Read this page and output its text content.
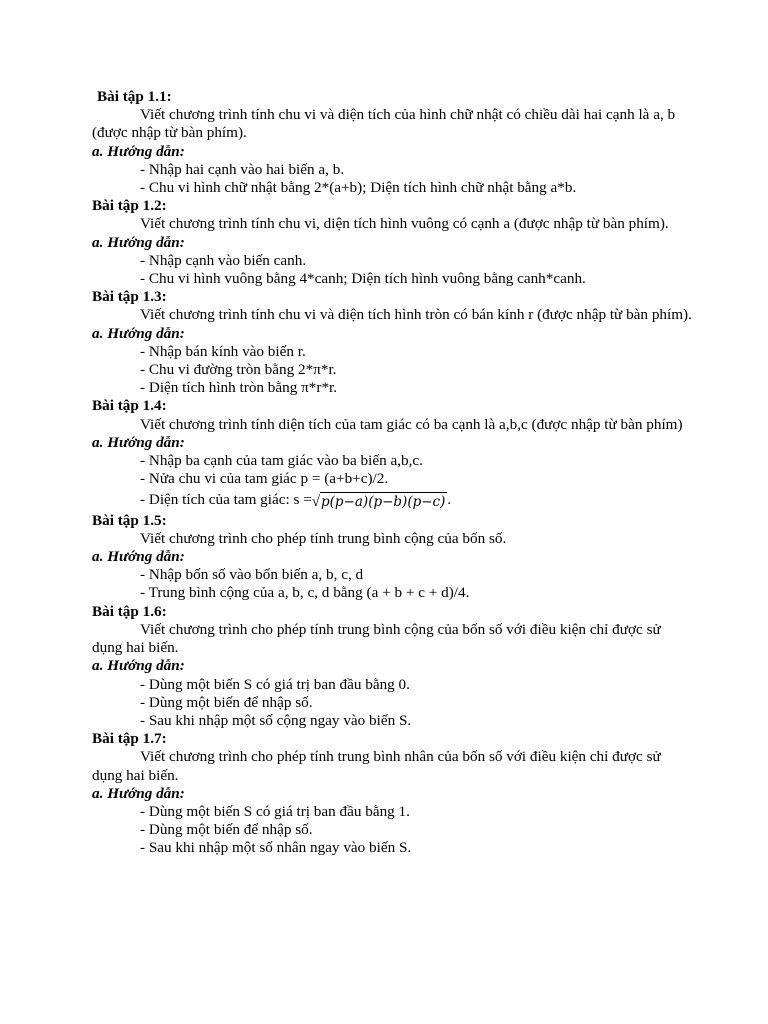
Bài tập 1.1:
Viết chương trình tính chu vi và diện tích của hình chữ nhật có chiều dài hai cạnh là a, b (được nhập từ bàn phím).
a. Hướng dẫn:
- Nhập hai cạnh vào hai biến a, b.
- Chu vi hình chữ nhật bằng 2*(a+b); Diện tích hình chữ nhật bằng a*b.
Bài tập 1.2:
Viết chương trình tính chu vi, diện tích hình vuông có cạnh a (được nhập từ bàn phím).
a. Hướng dẫn:
- Nhập cạnh vào biến canh.
- Chu vi hình vuông bằng 4*canh; Diện tích hình vuông bằng canh*canh.
Bài tập 1.3:
Viết chương trình tính chu vi và diện tích hình tròn có bán kính r (được nhập từ bàn phím).
a. Hướng dẫn:
- Nhập bán kính vào biến r.
- Chu vi đường tròn bằng 2*π*r.
- Diện tích hình tròn bằng π*r*r.
Bài tập 1.4:
Viết chương trình tính diện tích của tam giác có ba cạnh là a,b,c (được nhập từ bàn phím)
a. Hướng dẫn:
- Nhập ba cạnh của tam giác vào ba biến a,b,c.
- Nửa chu vi của tam giác p = (a+b+c)/2.
- Diện tích của tam giác: s =√p(p−a)(p−b)(p−c) .
Bài tập 1.5:
Viết chương trình cho phép tính trung bình cộng của bốn số.
a. Hướng dẫn:
- Nhập bốn số vào bốn biến a, b, c, d
- Trung bình cộng của a, b, c, d bằng (a + b + c + d)/4.
Bài tập 1.6:
Viết chương trình cho phép tính trung bình cộng của bốn số với điều kiện chỉ được sử dụng hai biến.
a. Hướng dẫn:
- Dùng một biến S có giá trị ban đầu bằng 0.
- Dùng một biến để nhập số.
- Sau khi nhập một số cộng ngay vào biến S.
Bài tập 1.7:
Viết chương trình cho phép tính trung bình nhân của bốn số với điều kiện chỉ được sử dụng hai biến.
a. Hướng dẫn:
- Dùng một biến S có giá trị ban đầu bằng 1.
- Dùng một biến để nhập số.
- Sau khi nhập một số nhân ngay vào biến S.
